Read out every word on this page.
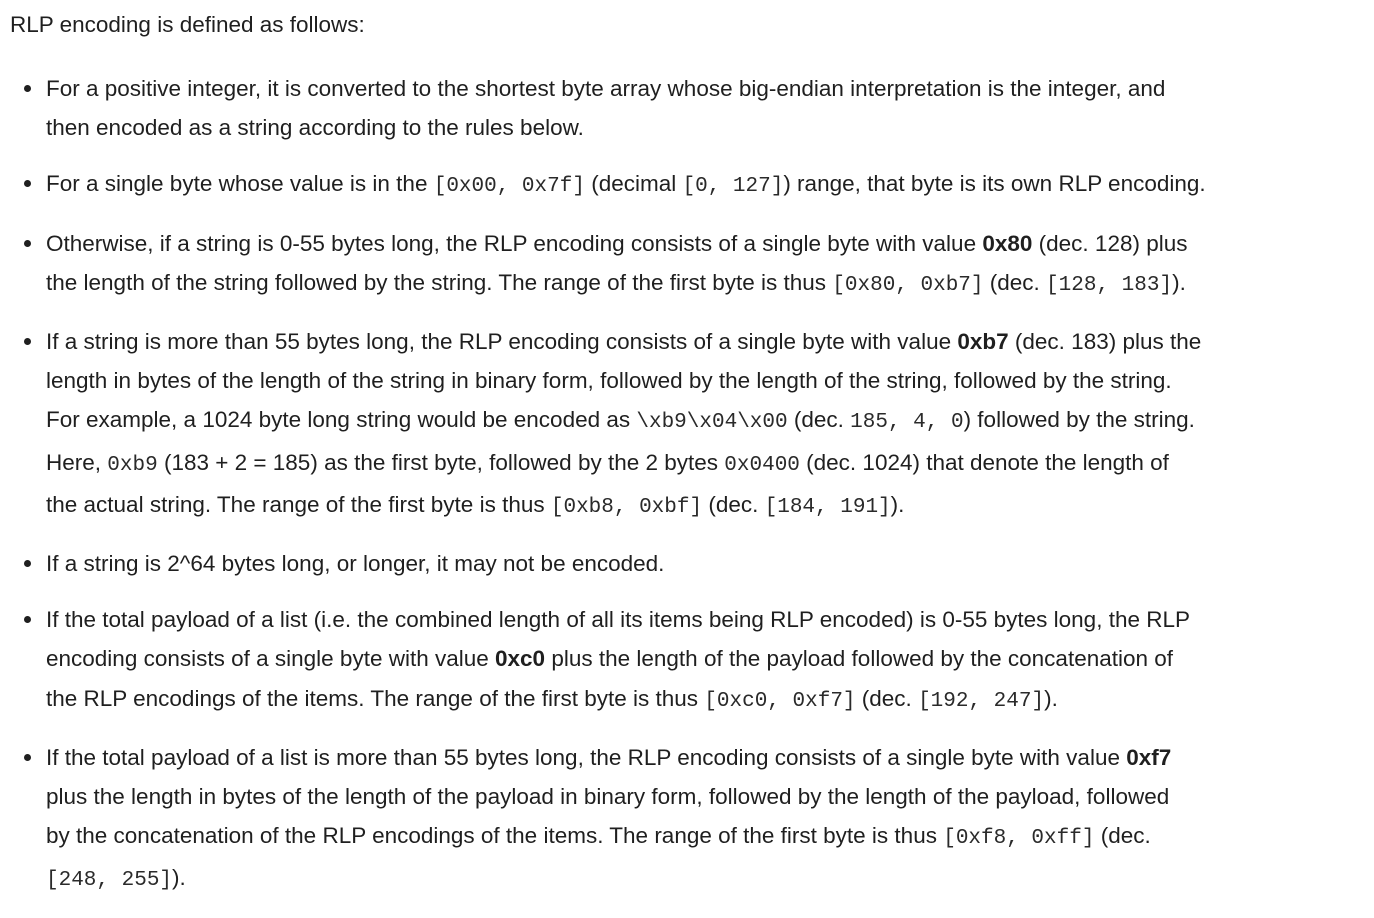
RLP encoding is defined as follows:

For a positive integer, it is converted to the shortest byte array whose big-endian interpretation is the integer, and
then encoded as a string according to the rules below.
For a single byte whose value is in the [0x00, 0x7f] (decimal [0, 127]) range, that byte is its own RLP encoding.
Otherwise, if a string is 0-55 bytes long, the RLP encoding consists of a single byte with value 0x80 (dec. 128) plus
the length of the string followed by the string. The range of the first byte is thus [0x80, 0xb7] (dec. [128, 183]).
If a string is more than 55 bytes long, the RLP encoding consists of a single byte with value 0xb7 (dec. 183) plus the
length in bytes of the length of the string in binary form, followed by the length of the string, followed by the string.
For example, a 1024 byte long string would be encoded as \xb9\x04\x00 (dec. 185, 4, 0) followed by the string.
Here, 0xb9 (183 + 2 = 185) as the first byte, followed by the 2 bytes 0x0400 (dec. 1024) that denote the length of
the actual string. The range of the first byte is thus [0xb8, 0xbf] (dec. [184, 191]).
If a string is 2^64 bytes long, or longer, it may not be encoded.
If the total payload of a list (i.e. the combined length of all its items being RLP encoded) is 0-55 bytes long, the RLP
encoding consists of a single byte with value 0xc0 plus the length of the payload followed by the concatenation of
the RLP encodings of the items. The range of the first byte is thus [0xc0, 0xf7] (dec. [192, 247]).
If the total payload of a list is more than 55 bytes long, the RLP encoding consists of a single byte with value 0xf7
plus the length in bytes of the length of the payload in binary form, followed by the length of the payload, followed
by the concatenation of the RLP encodings of the items. The range of the first byte is thus [0xf8, 0xff] (dec.
[248, 255]).
